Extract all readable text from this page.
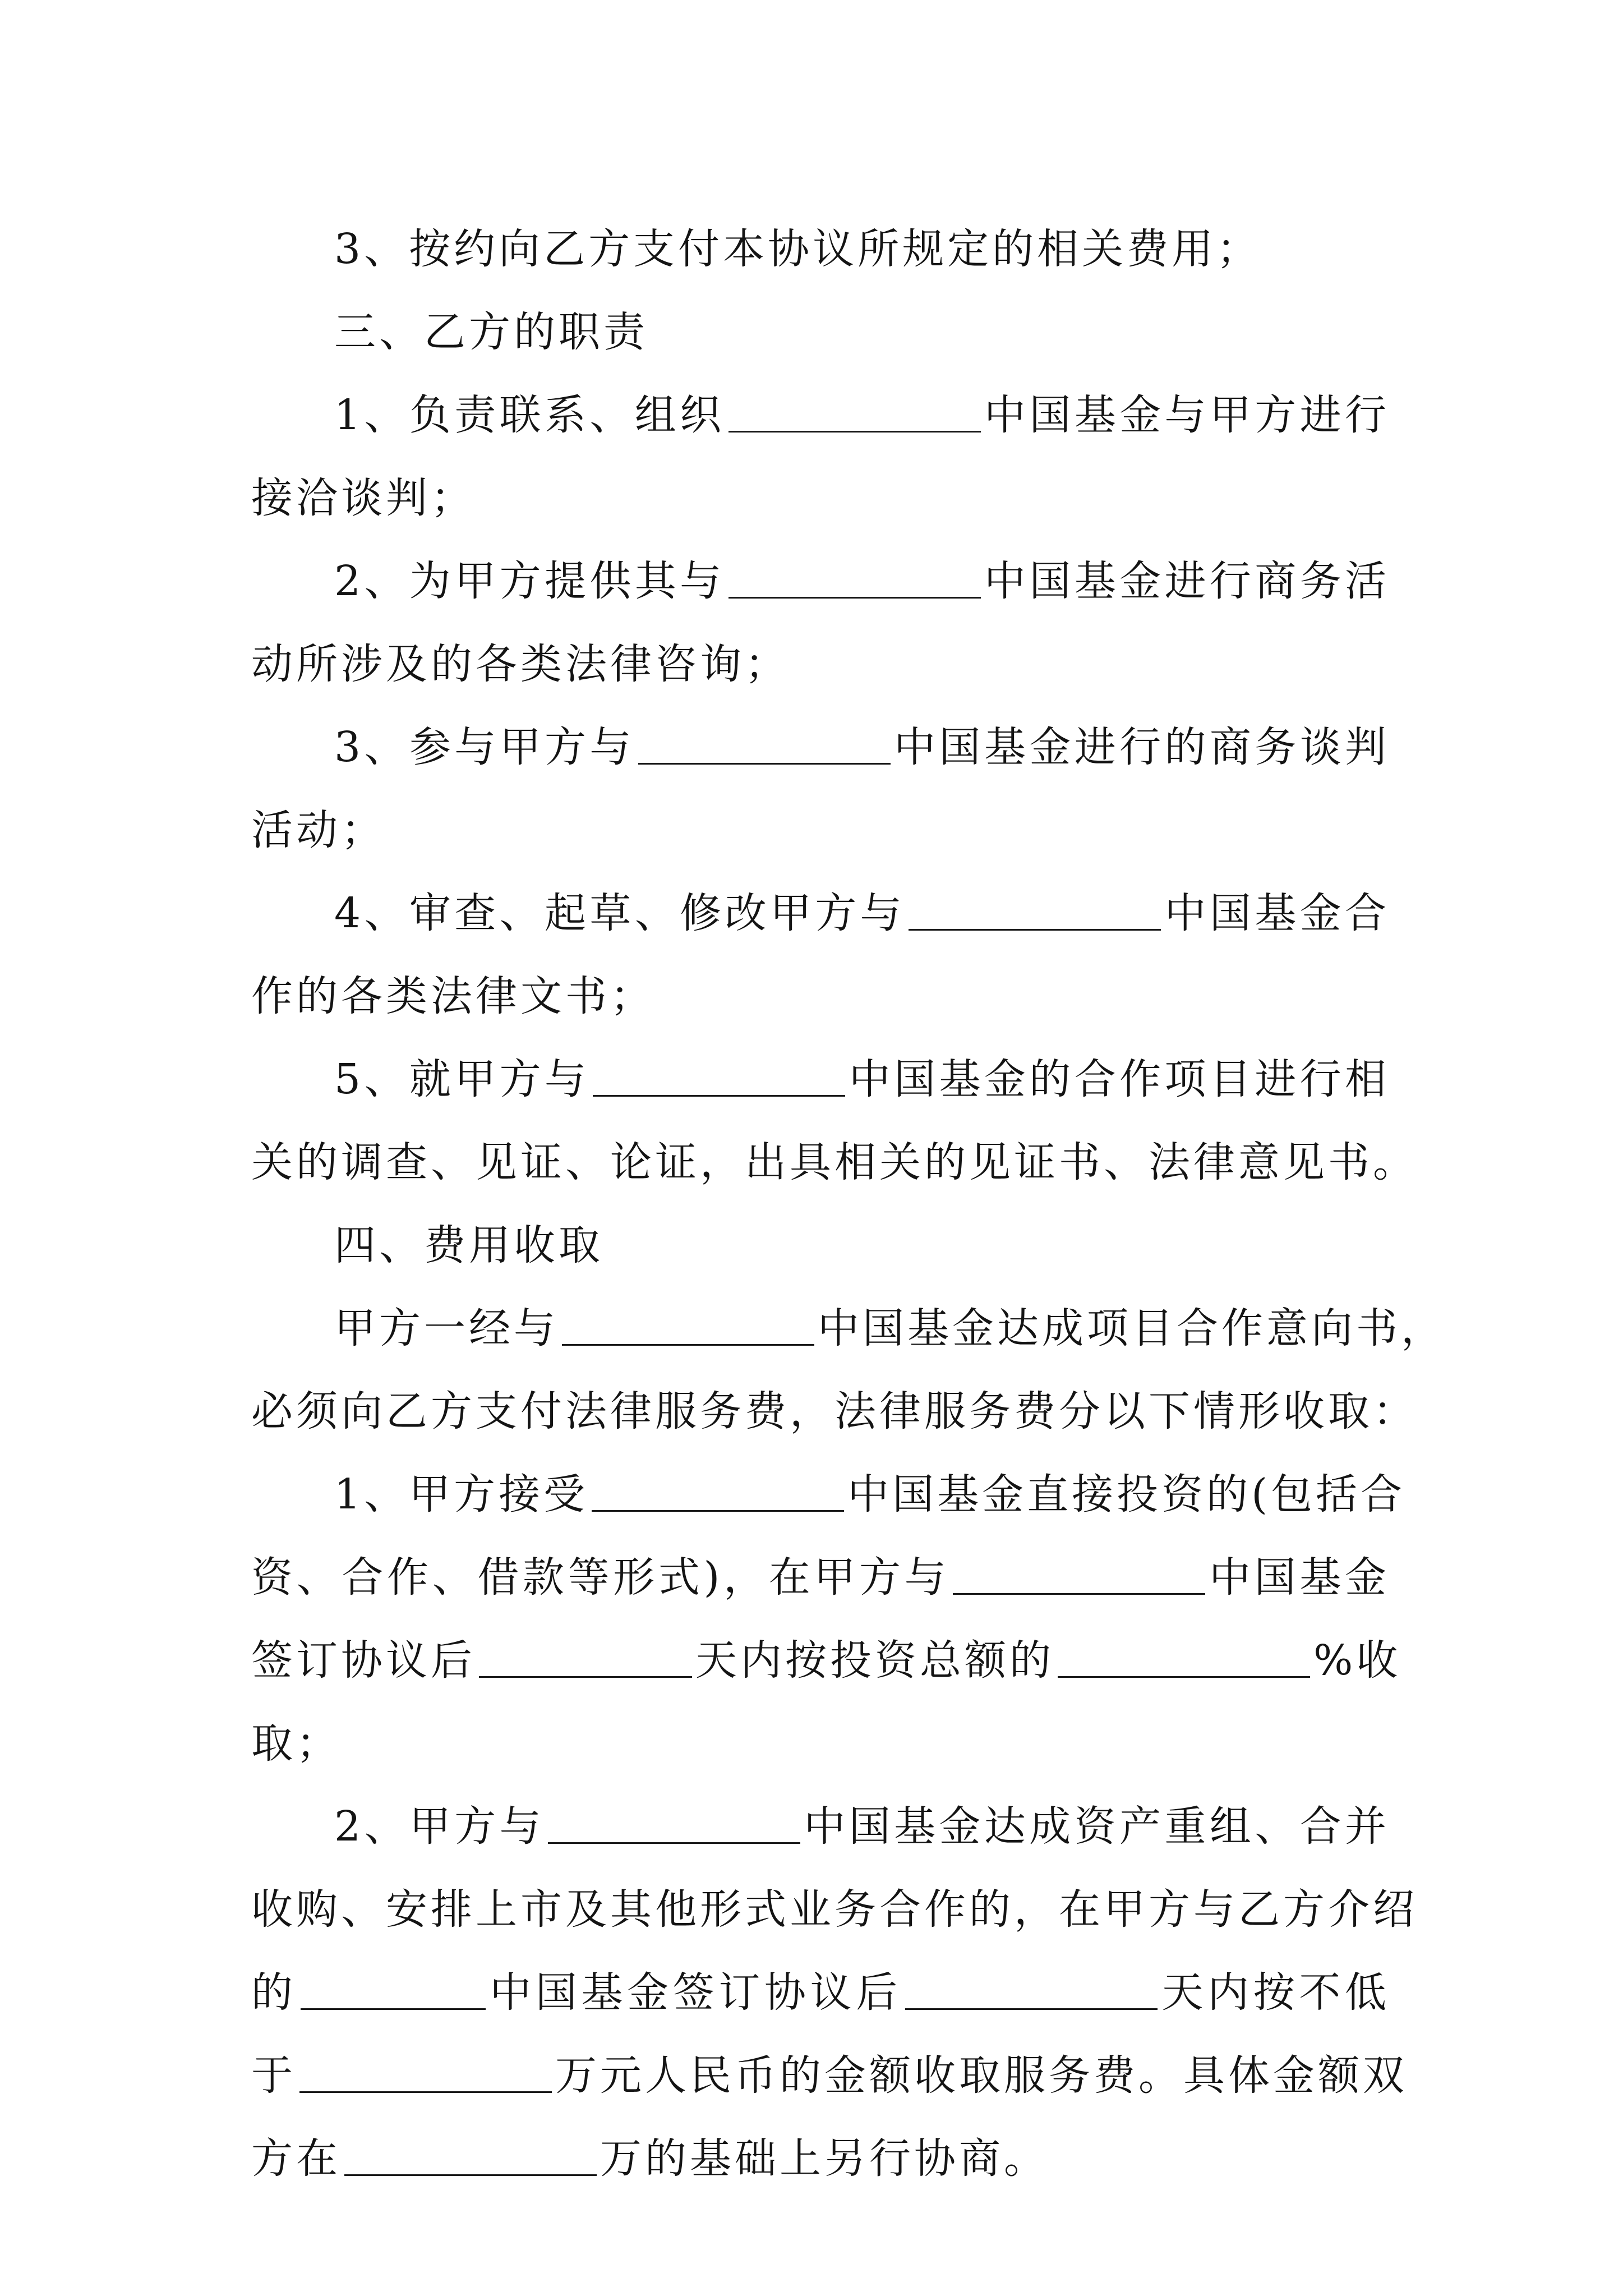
3、按约向乙方支付本协议所规定的相关费用；
三、乙方的职责
1、负责联系、组织	中国基金与甲方进行
接洽谈判；
2、为甲方提供其与	中国基金进行商务活
动所涉及的各类法律咨询；
3、参与甲方与	中国基金进行的商务谈判
活动；
4、审查、起草、修改甲方与	中国基金合
作的各类法律文书；
5、就甲方与	中国基金的合作项目进行相
关的调查、见证、论证，出具相关的见证书、法律意见书。
四、费用收取
甲方一经与	中国基金达成项目合作意向书，
必须向乙方支付法律服务费，法律服务费分以下情形收取：
1、甲方接受	中国基金直接投资的(包括合
资、合作、借款等形式)，在甲方与	中国基金
签订协议后	天内按投资总额的	%收
取；
2、甲方与	中国基金达成资产重组、合并
收购、安排上市及其他形式业务合作的，在甲方与乙方介绍
的	中国基金签订协议后	天内按不低
于	万元人民币的金额收取服务费。具体金额双
方在	万的基础上另行协商。
